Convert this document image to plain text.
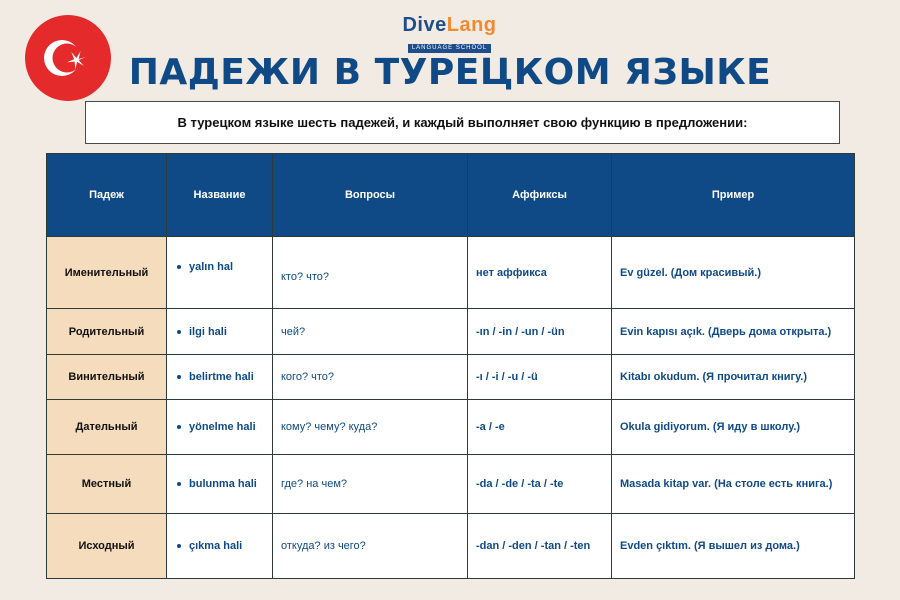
DiveLang
LANGUAGE SCHOOL
ПАДЕЖИ В ТУРЕЦКОМ ЯЗЫКЕ
В турецком языке шесть падежей, и каждый выполняет свою функцию в предложении:
Падеж	Название	Вопросы	Аффиксы	Пример
Именительный	yalın hal	кто? что?	нет аффикса	Ev güzel. (Дом красивый.)
Родительный	ilgi hali	чей?	-ın / -in / -un / -ün	Evin kapısı açık. (Дверь дома открыта.)
Винительный	belirtme hali	кого? что?	-ı / -i / -u / -ü	Kitabı okudum. (Я прочитал книгу.)
Дательный	yönelme hali	кому? чему? куда?	-a / -e	Okula gidiyorum. (Я иду в школу.)
Местный	bulunma hali	где? на чем?	-da / -de / -ta / -te	Masada kitap var. (На столе есть книга.)
Исходный	çıkma hali	откуда? из чего?	-dan / -den / -tan / -ten	Evden çıktım. (Я вышел из дома.)
